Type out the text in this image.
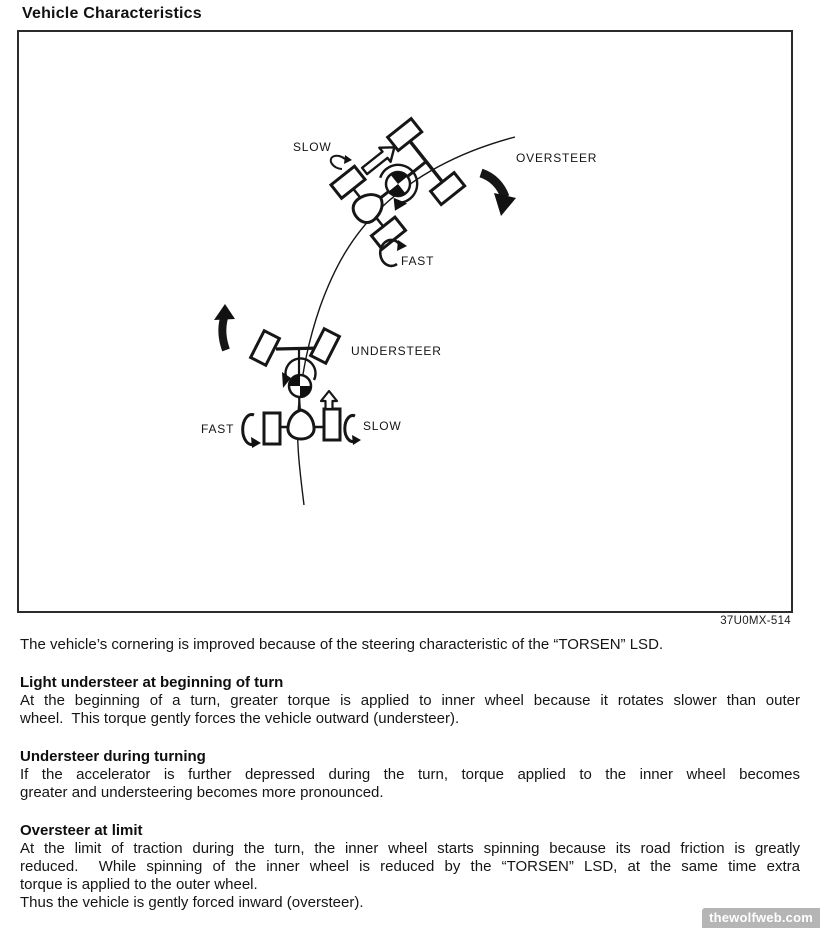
Vehicle Characteristics
SLOW
OVERSTEER
FAST
UNDERSTEER
FAST	SLOW
37U0MX-514
The vehicle’s cornering is improved because of the steering characteristic of the “TORSEN” LSD.
Light understeer at beginning of turn
At the beginning of a turn, greater torque is applied to inner wheel because it rotates slower than outer
wheel.  This torque gently forces the vehicle outward (understeer).
Understeer during turning
If the accelerator is further depressed during the turn, torque applied to the inner wheel becomes
greater and understeering becomes more pronounced.
Oversteer at limit
At the limit of traction during the turn, the inner wheel starts spinning because its road friction is greatly
reduced.  While spinning of the inner wheel is reduced by the “TORSEN” LSD, at the same time extra
torque is applied to the outer wheel.
Thus the vehicle is gently forced inward (oversteer).
thewolfweb.com
